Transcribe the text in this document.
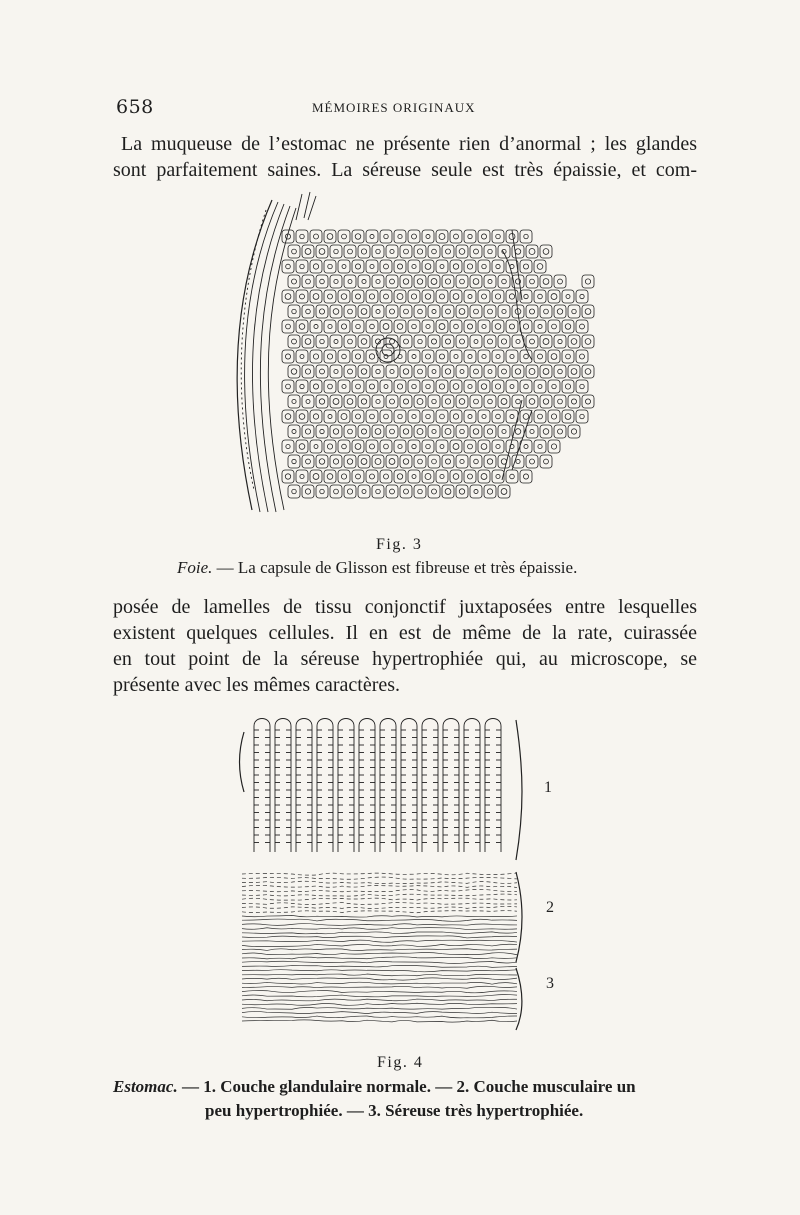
658	MÉMOIRES ORIGINAUX
La muqueuse de l’estomac ne présente rien d’anormal ; les glandes
sont parfaitement saines. La séreuse seule est très épaissie, et com-
Fig. 3
Foie. — La capsule de Glisson est fibreuse et très épaissie.
posée de lamelles de tissu conjonctif juxtaposées entre lesquelles
existent quelques cellules. Il en est de même de la rate, cuirassée
en tout point de la séreuse hypertrophiée qui, au microscope, se
présente avec les mêmes caractères.
1
2
3
Fig. 4
Estomac. — 1. Couche glandulaire normale. — 2. Couche musculaire un
peu hypertrophiée. — 3. Séreuse très hypertrophiée.
